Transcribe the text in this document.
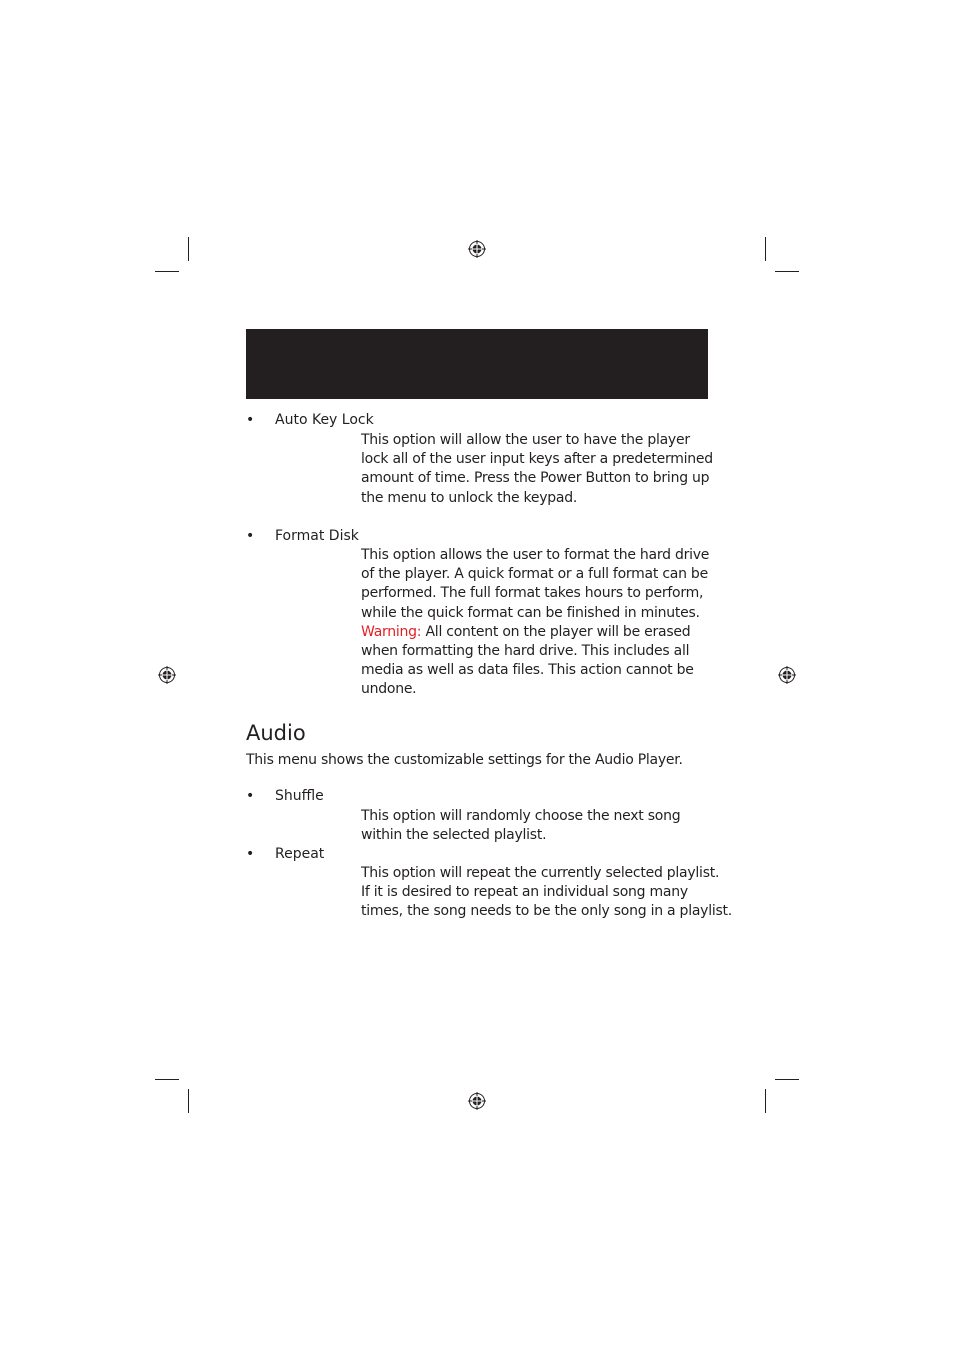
• Auto Key Lock

This option will allow the user to have the player

lock all of the user input keys after a predetermined

amount of time. Press the Power Button to bring up

the menu to unlock the keypad.

• Format Disk

This option allows the user to format the hard drive

of the player. A quick format or a full format can be

performed. The full format takes hours to perform,

while the quick format can be finished in minutes.

Warning: All content on the player will be erased

when formatting the hard drive. This includes all

media as well as data files. This action cannot be

undone.

Audio
This menu shows the customizable settings for the Audio Player.
• Shuffle

This option will randomly choose the next song

within the selected playlist.

• Repeat

This option will repeat the currently selected playlist.

If it is desired to repeat an individual song many

times, the song needs to be the only song in a playlist.
